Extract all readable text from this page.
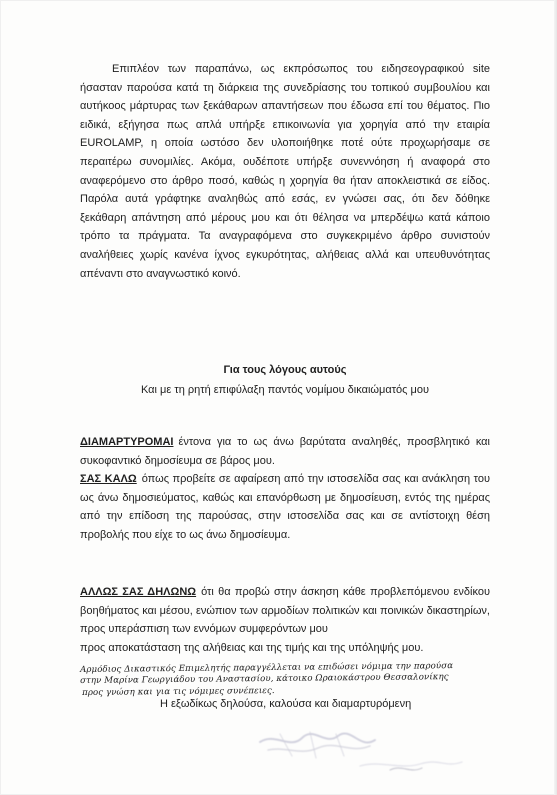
Επιπλέον των παραπάνω, ως εκπρόσωπος του ειδησεογραφικού site ήσασταν παρούσα κατά τη διάρκεια της συνεδρίασης του τοπικού συμβουλίου και αυτήκοος μάρτυρας των ξεκάθαρων απαντήσεων που έδωσα επί του θέματος. Πιο ειδικά, εξήγησα πως απλά υπήρξε επικοινωνία για χορηγία από την εταιρία EUROLAMP, η οποία ωστόσο δεν υλοποιήθηκε ποτέ ούτε προχωρήσαμε σε περαιτέρω συνομιλίες. Ακόμα, ουδέποτε υπήρξε συνεννόηση ή αναφορά στο αναφερόμενο στο άρθρο ποσό, καθώς η χορηγία θα ήταν αποκλειστικά σε είδος. Παρόλα αυτά γράφτηκε αναληθώς από εσάς, εν γνώσει σας, ότι δεν δόθηκε ξεκάθαρη απάντηση από μέρους μου και ότι θέλησα να μπερδέψω κατά κάποιο τρόπο τα πράγματα. Τα αναγραφόμενα στο συγκεκριμένο άρθρο συνιστούν αναλήθειες χωρίς κανένα ίχνος εγκυρότητας, αλήθειας αλλά και υπευθυνότητας απέναντι στο αναγνωστικό κοινό.

Για τους λόγους αυτούς
Και με τη ρητή επιφύλαξη παντός νομίμου δικαιώματός μου

ΔΙΑΜΑΡΤΥΡΟΜΑΙ έντονα για το ως άνω βαρύτατα αναληθές, προσβλητικό και συκοφαντικό δημοσίευμα σε βάρος μου.

ΣΑΣ ΚΑΛΩ όπως προβείτε σε αφαίρεση από την ιστοσελίδα σας και ανάκληση του ως άνω δημοσιεύματος, καθώς και επανόρθωση με δημοσίευση, εντός της ημέρας από την επίδοση της παρούσας, στην ιστοσελίδα σας και σε αντίστοιχη θέση προβολής που είχε το ως άνω δημοσίευμα.

ΑΛΛΩΣ ΣΑΣ ΔΗΛΩΝΩ ότι θα προβώ στην άσκηση κάθε προβλεπόμενου ενδίκου βοηθήματος και μέσου, ενώπιον των αρμοδίων πολιτικών και ποινικών δικαστηρίων, προς υπεράσπιση των εννόμων συμφερόντων μου

προς αποκατάσταση της αλήθειας και της τιμής και της υπόληψής μου.
Αρμόδιος Δικαστικός Επιμελητής παραγγέλλεται να επιδώσει νόμιμα την παρούσα
στην Μαρίνα Γεωργιάδου του Αναστασίου, κάτοικο Ωραιοκάστρου Θεσσαλονίκης
προς γνώση και για τις νόμιμες συνέπειες.
Η εξωδίκως δηλούσα, καλούσα και διαμαρτυρόμενη
